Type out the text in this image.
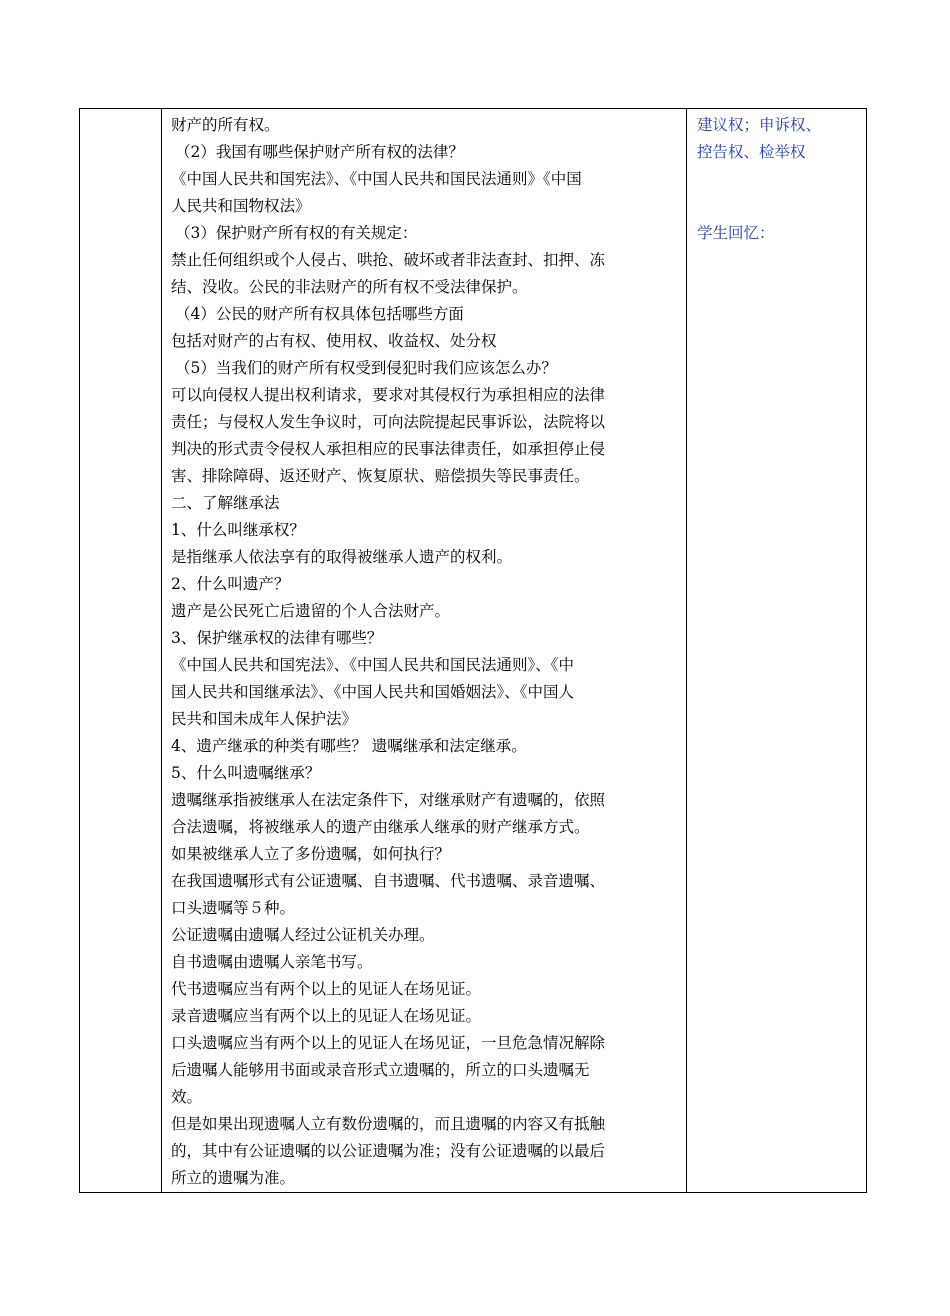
财产的所有权。

（2）我国有哪些保护财产所有权的法律？

《中国人民共和国宪法》、《中国人民共和国民法通则》《中国

人民共和国物权法》

（3）保护财产所有权的有关规定：

禁止任何组织或个人侵占、哄抢、破坏或者非法查封、扣押、冻

结、没收。公民的非法财产的所有权不受法律保护。

（4）公民的财产所有权具体包括哪些方面

包括对财产的占有权、使用权、收益权、处分权

（5）当我们的财产所有权受到侵犯时我们应该怎么办？

可以向侵权人提出权利请求，要求对其侵权行为承担相应的法律

责任；与侵权人发生争议时，可向法院提起民事诉讼，法院将以

判决的形式责令侵权人承担相应的民事法律责任，如承担停止侵

害、排除障碍、返还财产、恢复原状、赔偿损失等民事责任。

二、了解继承法

1、什么叫继承权？

是指继承人依法享有的取得被继承人遗产的权利。

2、什么叫遗产？

遗产是公民死亡后遗留的个人合法财产。

3、保护继承权的法律有哪些？

《中国人民共和国宪法》、《中国人民共和国民法通则》、《中

国人民共和国继承法》、《中国人民共和国婚姻法》、《中国人

民共和国未成年人保护法》

4、遗产继承的种类有哪些？ 遗嘱继承和法定继承。

5、什么叫遗嘱继承？

遗嘱继承指被继承人在法定条件下，对继承财产有遗嘱的，依照

合法遗嘱，将被继承人的遗产由继承人继承的财产继承方式。

如果被继承人立了多份遗嘱，如何执行？

在我国遗嘱形式有公证遗嘱、自书遗嘱、代书遗嘱、录音遗嘱、

口头遗嘱等５种。

公证遗嘱由遗嘱人经过公证机关办理。

自书遗嘱由遗嘱人亲笔书写。

代书遗嘱应当有两个以上的见证人在场见证。

录音遗嘱应当有两个以上的见证人在场见证。

口头遗嘱应当有两个以上的见证人在场见证，一旦危急情况解除

后遗嘱人能够用书面或录音形式立遗嘱的，所立的口头遗嘱无

效。

但是如果出现遗嘱人立有数份遗嘱的，而且遗嘱的内容又有抵触

的，其中有公证遗嘱的以公证遗嘱为准；没有公证遗嘱的以最后

所立的遗嘱为准。

建议权；申诉权、

控告权、检举权

学生回忆：
